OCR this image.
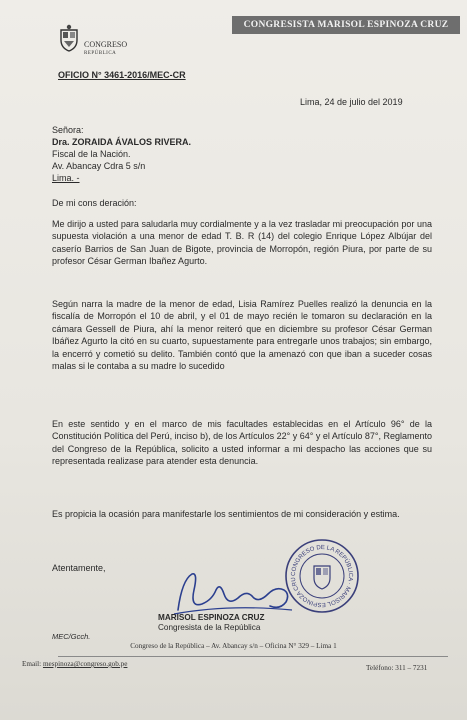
CONGRESISTA MARISOL ESPINOZA CRUZ
CONGRESO
REPÚBLICA
OFICIO N° 3461-2016/MEC-CR
Lima, 24 de julio del 2019
Señora:
Dra. ZORAIDA ÁVALOS RIVERA.
Fiscal de la Nación.
Av. Abancay Cdra 5 s/n
Lima. -
De mi cons deración:

Me dirijo a usted para saludarla muy cordialmente y a la vez trasladar mi preocupación por una supuesta violación a una menor de edad T. B. R (14) del colegio Enrique López Albújar del caserío Barrios de San Juan de Bigote, provincia de Morropón, región Piura, por parte de su profesor César German Ibañez Agurto.

Según narra la madre de la menor de edad, Lisia Ramírez Puelles realizó la denuncia en la fiscalía de Morropón el 10 de abril, y el 01 de mayo recién le tomaron su declaración en la cámara Gessell de Piura, ahí la menor reiteró que en diciembre su profesor César German Ibáñez Agurto la citó en su cuarto, supuestamente para entregarle unos trabajos; sin embargo, la encerró y cometió su delito. También contó que la amenazó con que iban a suceder cosas malas si le contaba a su madre lo sucedido

En este sentido y en el marco de mis facultades establecidas en el Artículo 96° de la Constitución Política del Perú, inciso b), de los Artículos 22° y 64° y el Artículo 87°, Reglamento del Congreso de la República, solicito a usted informar a mi despacho las acciones que su representada realizase para atender esta denuncia.

Es propicia la ocasión para manifestarle los sentimientos de mi consideración y estima.

Atentamente,
MARISOL ESPINOZA CRUZ
Congresista de la República
CONGRESO DE LA REPÚBLICA · MARISOL ESPINOZA CRU
MEC/Gcch.
Congreso de la República – Av. Abancay s/n – Oficina N° 329 – Lima 1
Email: mespinoza@congreso.gob.pe	Teléfono: 311 – 7231
